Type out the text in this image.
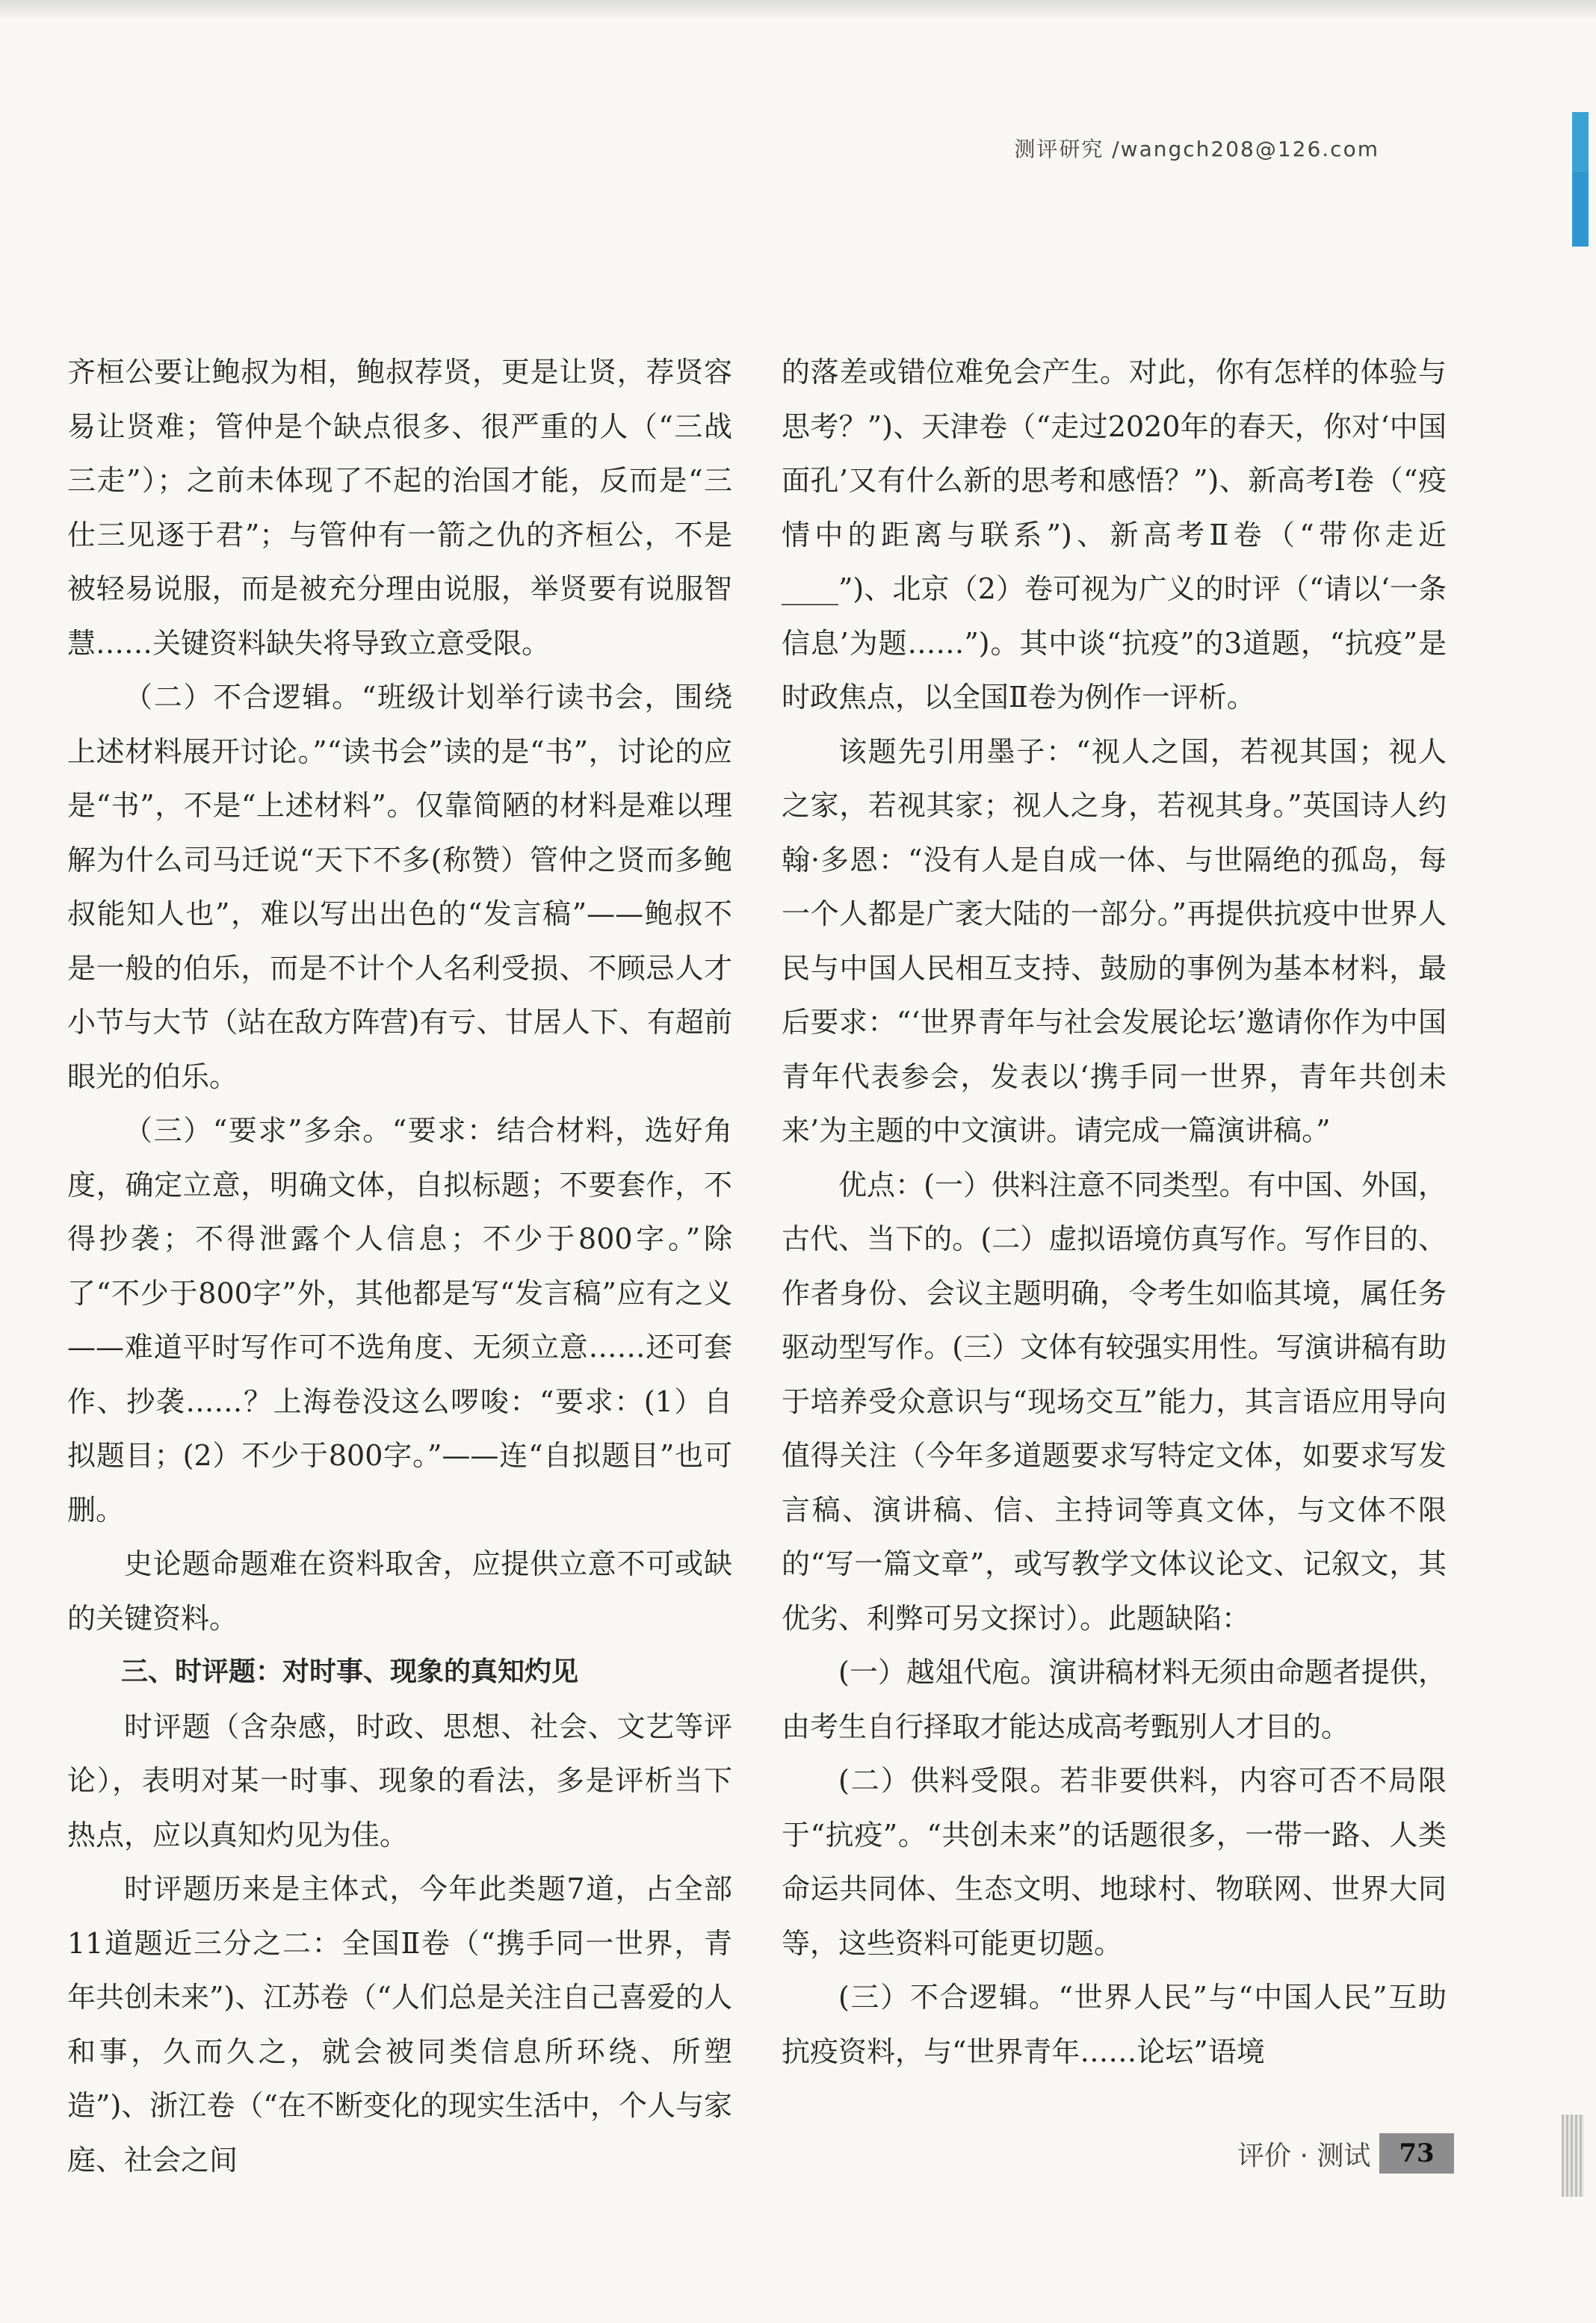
测评研究 /wangch208@126.com

齐桓公要让鲍叔为相，鲍叔荐贤，更是让贤，荐贤容易让贤难；管仲是个缺点很多、很严重的人（“三战三走”）；之前未体现了不起的治国才能，反而是“三仕三见逐于君”；与管仲有一箭之仇的齐桓公，不是被轻易说服，而是被充分理由说服，举贤要有说服智慧……关键资料缺失将导致立意受限。

（二）不合逻辑。“班级计划举行读书会，围绕上述材料展开讨论。”“读书会”读的是“书”，讨论的应是“书”，不是“上述材料”。仅靠简陋的材料是难以理解为什么司马迁说“天下不多(称赞）管仲之贤而多鲍叔能知人也”，难以写出出色的“发言稿”——鲍叔不是一般的伯乐，而是不计个人名利受损、不顾忌人才小节与大节（站在敌方阵营)有亏、甘居人下、有超前眼光的伯乐。

（三）“要求”多余。“要求：结合材料，选好角度，确定立意，明确文体，自拟标题；不要套作，不得抄袭；不得泄露个人信息；不少于800字。”除了“不少于800字”外，其他都是写“发言稿”应有之义——难道平时写作可不选角度、无须立意……还可套作、抄袭……？上海卷没这么啰唆：“要求：(1）自拟题目；(2）不少于800字。”——连“自拟题目”也可删。

史论题命题难在资料取舍，应提供立意不可或缺的关键资料。

三、时评题：对时事、现象的真知灼见

时评题（含杂感，时政、思想、社会、文艺等评论），表明对某一时事、现象的看法，多是评析当下热点，应以真知灼见为佳。

时评题历来是主体式，今年此类题7道，占全部11道题近三分之二：全国Ⅱ卷（“携手同一世界，青年共创未来”)、江苏卷（“人们总是关注自己喜爱的人和事，久而久之，就会被同类信息所环绕、所塑造”)、浙江卷（“在不断变化的现实生活中，个人与家庭、社会之间

的落差或错位难免会产生。对此，你有怎样的体验与思考？”)、天津卷（“走过2020年的春天，你对‘中国面孔’又有什么新的思考和感悟？”)、新高考Ⅰ卷（“疫情中的距离与联系”)、新高考Ⅱ卷（“带你走近____”)、北京（2）卷可视为广义的时评（“请以‘一条信息’为题……”)。其中谈“抗疫”的3道题，“抗疫”是时政焦点，以全国Ⅱ卷为例作一评析。

该题先引用墨子：“视人之国，若视其国；视人之家，若视其家；视人之身，若视其身。”英国诗人约翰·多恩：“没有人是自成一体、与世隔绝的孤岛，每一个人都是广袤大陆的一部分。”再提供抗疫中世界人民与中国人民相互支持、鼓励的事例为基本材料，最后要求：“‘世界青年与社会发展论坛’邀请你作为中国青年代表参会，发表以‘携手同一世界，青年共创未来’为主题的中文演讲。请完成一篇演讲稿。”

优点：(一）供料注意不同类型。有中国、外国，古代、当下的。(二）虚拟语境仿真写作。写作目的、作者身份、会议主题明确，令考生如临其境，属任务驱动型写作。(三）文体有较强实用性。写演讲稿有助于培养受众意识与“现场交互”能力，其言语应用导向值得关注（今年多道题要求写特定文体，如要求写发言稿、演讲稿、信、主持词等真文体，与文体不限的“写一篇文章”，或写教学文体议论文、记叙文，其优劣、利弊可另文探讨）。此题缺陷：

(一）越俎代庖。演讲稿材料无须由命题者提供，由考生自行择取才能达成高考甄别人才目的。

(二）供料受限。若非要供料，内容可否不局限于“抗疫”。“共创未来”的话题很多，一带一路、人类命运共同体、生态文明、地球村、物联网、世界大同等，这些资料可能更切题。

(三）不合逻辑。“世界人民”与“中国人民”互助抗疫资料，与“世界青年……论坛”语境

评价 · 测试	73
